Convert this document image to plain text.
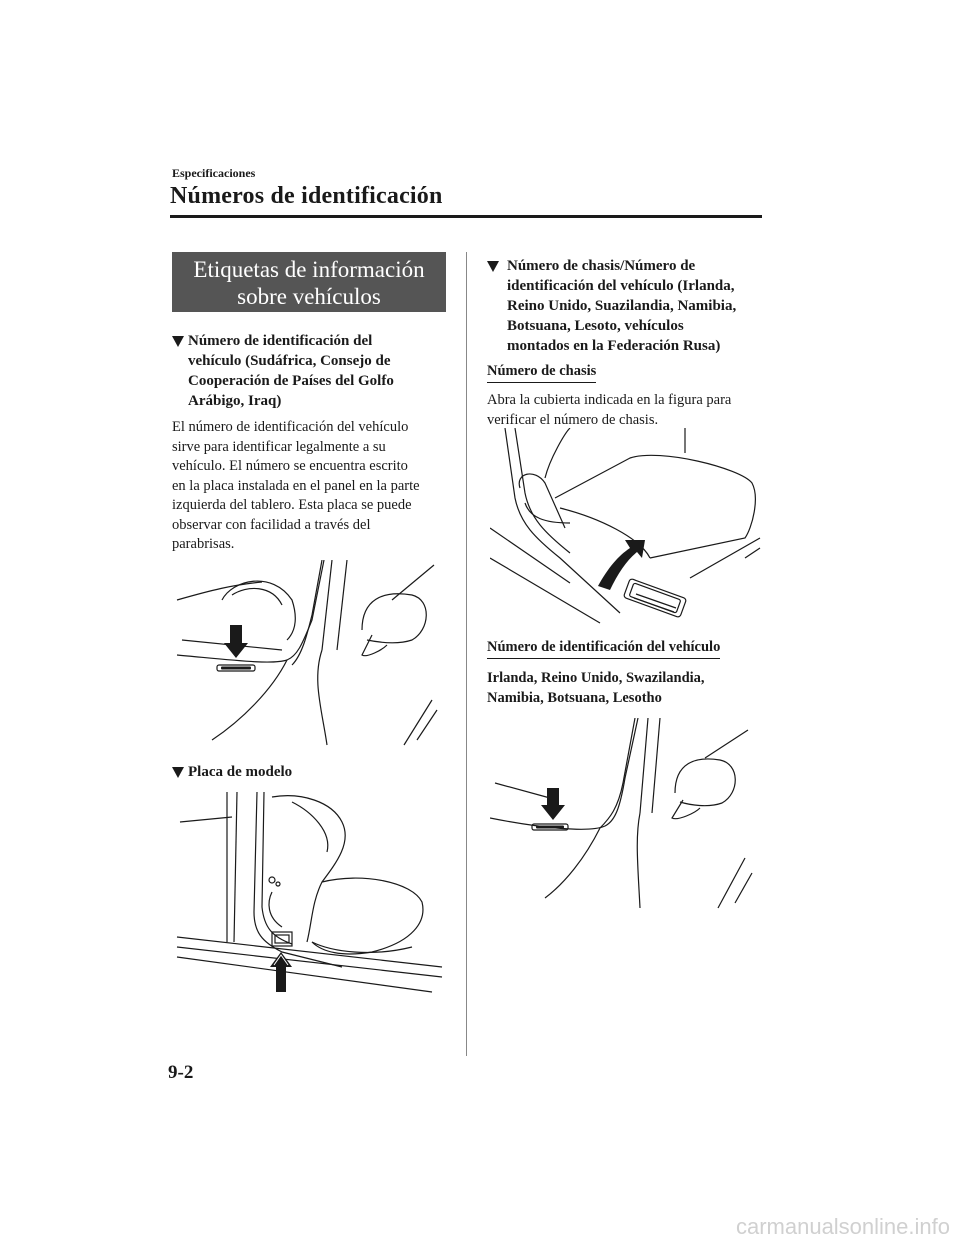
Especificaciones
Números de identificación
Etiquetas de información
sobre vehículos
Número de identificación del
vehículo (Sudáfrica, Consejo de
Cooperación de Países del Golfo
Arábigo, Iraq)
El número de identificación del vehículo
sirve para identificar legalmente a su
vehículo. El número se encuentra escrito
en la placa instalada en el panel en la parte
izquierda del tablero. Esta placa se puede
observar con facilidad a través del
parabrisas.
Placa de modelo
Número de chasis/Número de
identificación del vehículo (Irlanda,
Reino Unido, Suazilandia, Namibia,
Botsuana, Lesoto, vehículos
montados en la Federación Rusa)
Número de chasis
Abra la cubierta indicada en la figura para
verificar el número de chasis.
Número de identificación del vehículo
Irlanda, Reino Unido, Swazilandia,
Namibia, Botsuana, Lesotho
9-2
carmanualsonline.info
